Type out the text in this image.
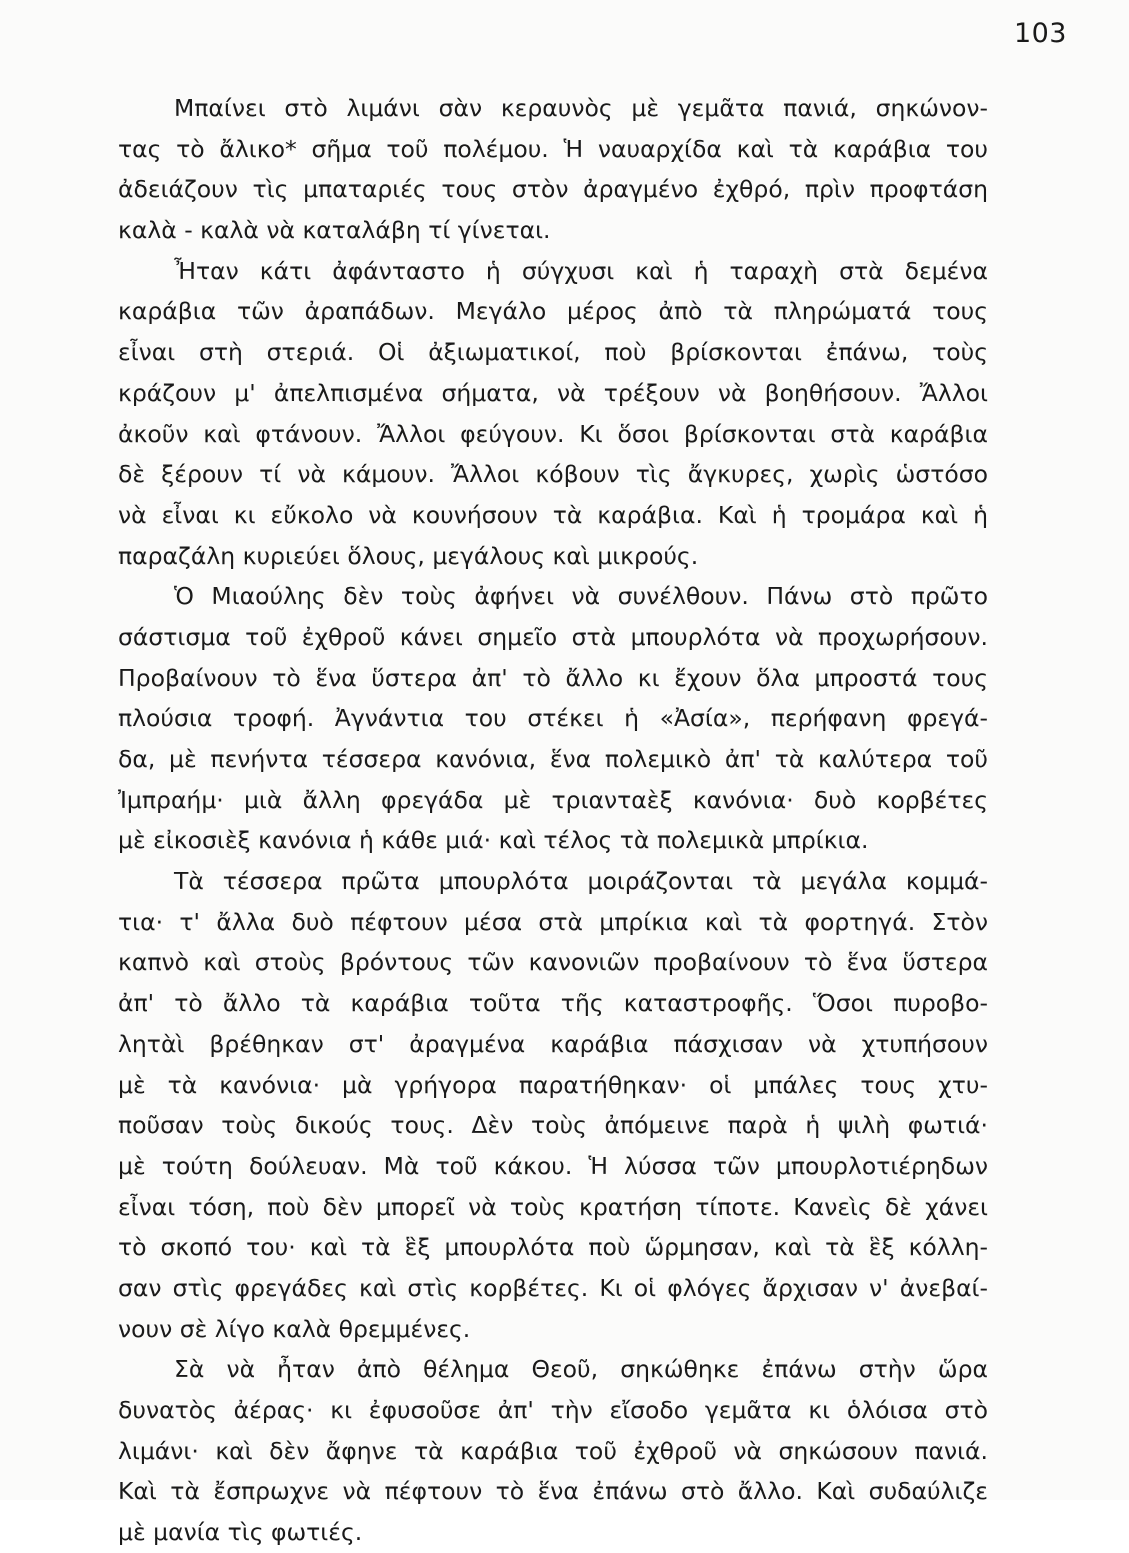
103
Μπαίνει στὸ λιμάνι σὰν κεραυνὸς μὲ γεμᾶτα πανιά, σηκώνον-
τας τὸ ἄλικο* σῆμα τοῦ πολέμου. Ἡ ναυαρχίδα καὶ τὰ καράβια του
ἀδειάζουν τὶς μπαταριές τους στὸν ἀραγμένο ἐχθρό, πρὶν προφτάση
καλὰ - καλὰ νὰ καταλάβη τί γίνεται.
Ἦταν κάτι ἀφάνταστο ἡ σύγχυσι καὶ ἡ ταραχὴ στὰ δεμένα
καράβια τῶν ἀραπάδων. Μεγάλο μέρος ἀπὸ τὰ πληρώματά τους
εἶναι στὴ στεριά. Οἱ ἀξιωματικοί, ποὺ βρίσκονται ἐπάνω, τοὺς
κράζουν μ' ἀπελπισμένα σήματα, νὰ τρέξουν νὰ βοηθήσουν. Ἄλλοι
ἀκοῦν καὶ φτάνουν. Ἄλλοι φεύγουν. Κι ὅσοι βρίσκονται στὰ καράβια
δὲ ξέρουν τί νὰ κάμουν. Ἄλλοι κόβουν τὶς ἄγκυρες, χωρὶς ὡστόσο
νὰ εἶναι κι εὔκολο νὰ κουνήσουν τὰ καράβια. Καὶ ἡ τρομάρα καὶ ἡ
παραζάλη κυριεύει ὅλους, μεγάλους καὶ μικρούς.
Ὁ Μιαούλης δὲν τοὺς ἀφήνει νὰ συνέλθουν. Πάνω στὸ πρῶτο
σάστισμα τοῦ ἐχθροῦ κάνει σημεῖο στὰ μπουρλότα νὰ προχωρήσουν.
Προβαίνουν τὸ ἕνα ὕστερα ἀπ' τὸ ἄλλο κι ἔχουν ὅλα μπροστά τους
πλούσια τροφή. Ἀγνάντια του στέκει ἡ «Ἀσία», περήφανη φρεγά-
δα, μὲ πενήντα τέσσερα κανόνια, ἕνα πολεμικὸ ἀπ' τὰ καλύτερα τοῦ
Ἰμπραήμ· μιὰ ἄλλη φρεγάδα μὲ τριανταὲξ κανόνια· δυὸ κορβέτες
μὲ εἰκοσιὲξ κανόνια ἡ κάθε μιά· καὶ τέλος τὰ πολεμικὰ μπρίκια.
Τὰ τέσσερα πρῶτα μπουρλότα μοιράζονται τὰ μεγάλα κομμά-
τια· τ' ἄλλα δυὸ πέφτουν μέσα στὰ μπρίκια καὶ τὰ φορτηγά. Στὸν
καπνὸ καὶ στοὺς βρόντους τῶν κανονιῶν προβαίνουν τὸ ἕνα ὕστερα
ἀπ' τὸ ἄλλο τὰ καράβια τοῦτα τῆς καταστροφῆς. Ὅσοι πυροβο-
λητὰὶ βρέθηκαν στ' ἀραγμένα καράβια πάσχισαν νὰ χτυπήσουν
μὲ τὰ κανόνια· μὰ γρήγορα παρατήθηκαν· οἱ μπάλες τους χτυ-
ποῦσαν τοὺς δικούς τους. Δὲν τοὺς ἀπόμεινε παρὰ ἡ ψιλὴ φωτιά·
μὲ τούτη δούλευαν. Μὰ τοῦ κάκου. Ἡ λύσσα τῶν μπουρλοτιέρηδων
εἶναι τόση, ποὺ δὲν μπορεῖ νὰ τοὺς κρατήση τίποτε. Κανεὶς δὲ χάνει
τὸ σκοπό του· καὶ τὰ ἓξ μπουρλότα ποὺ ὥρμησαν, καὶ τὰ ἓξ κόλλη-
σαν στὶς φρεγάδες καὶ στὶς κορβέτες. Κι οἱ φλόγες ἄρχισαν ν' ἀνεβαί-
νουν σὲ λίγο καλὰ θρεμμένες.
Σὰ νὰ ἦταν ἀπὸ θέλημα Θεοῦ, σηκώθηκε ἐπάνω στὴν ὥρα
δυνατὸς ἀέρας· κι ἐφυσοῦσε ἀπ' τὴν εἴσοδο γεμᾶτα κι ὁλόισα στὸ
λιμάνι· καὶ δὲν ἄφηνε τὰ καράβια τοῦ ἐχθροῦ νὰ σηκώσουν πανιά.
Καὶ τὰ ἔσπρωχνε νὰ πέφτουν τὸ ἕνα ἐπάνω στὸ ἄλλο. Καὶ συδαύλιζε
μὲ μανία τὶς φωτιές.
